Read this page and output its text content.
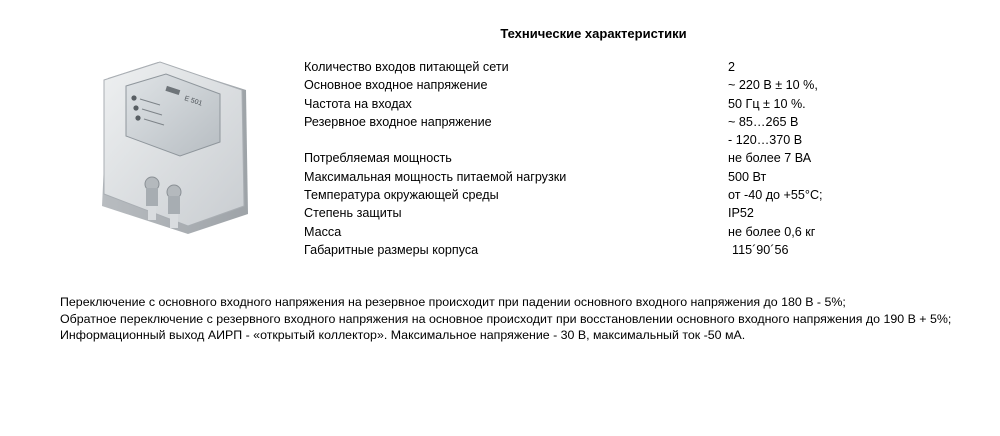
Технические характеристики
E 501
Количество входов питающей сети	2
Основное входное напряжение	~ 220 В ± 10 %,
Частота на входах	50 Гц ± 10 %.
Резервное входное напряжение	~ 85…265 В
- 120…370 В
Потребляемая мощность	не более 7 ВА
Максимальная мощность питаемой нагрузки	500 Вт
Температура окружающей среды	от -40 до +55°С;
Степень защиты	IP52
Масса	не более 0,6 кг
Габаритные размеры корпуса	115´90´56
Переключение с основного входного напряжения на резервное происходит при падении основного входного напряжения до 180 В - 5%;
Обратное переключение с резервного входного напряжения на основное происходит при восстановлении основного входного напряжения до 190 В + 5%;
Информационный выход АИРП - «открытый коллектор». Максимальное напряжение - 30 В, максимальный ток -50 мА.
